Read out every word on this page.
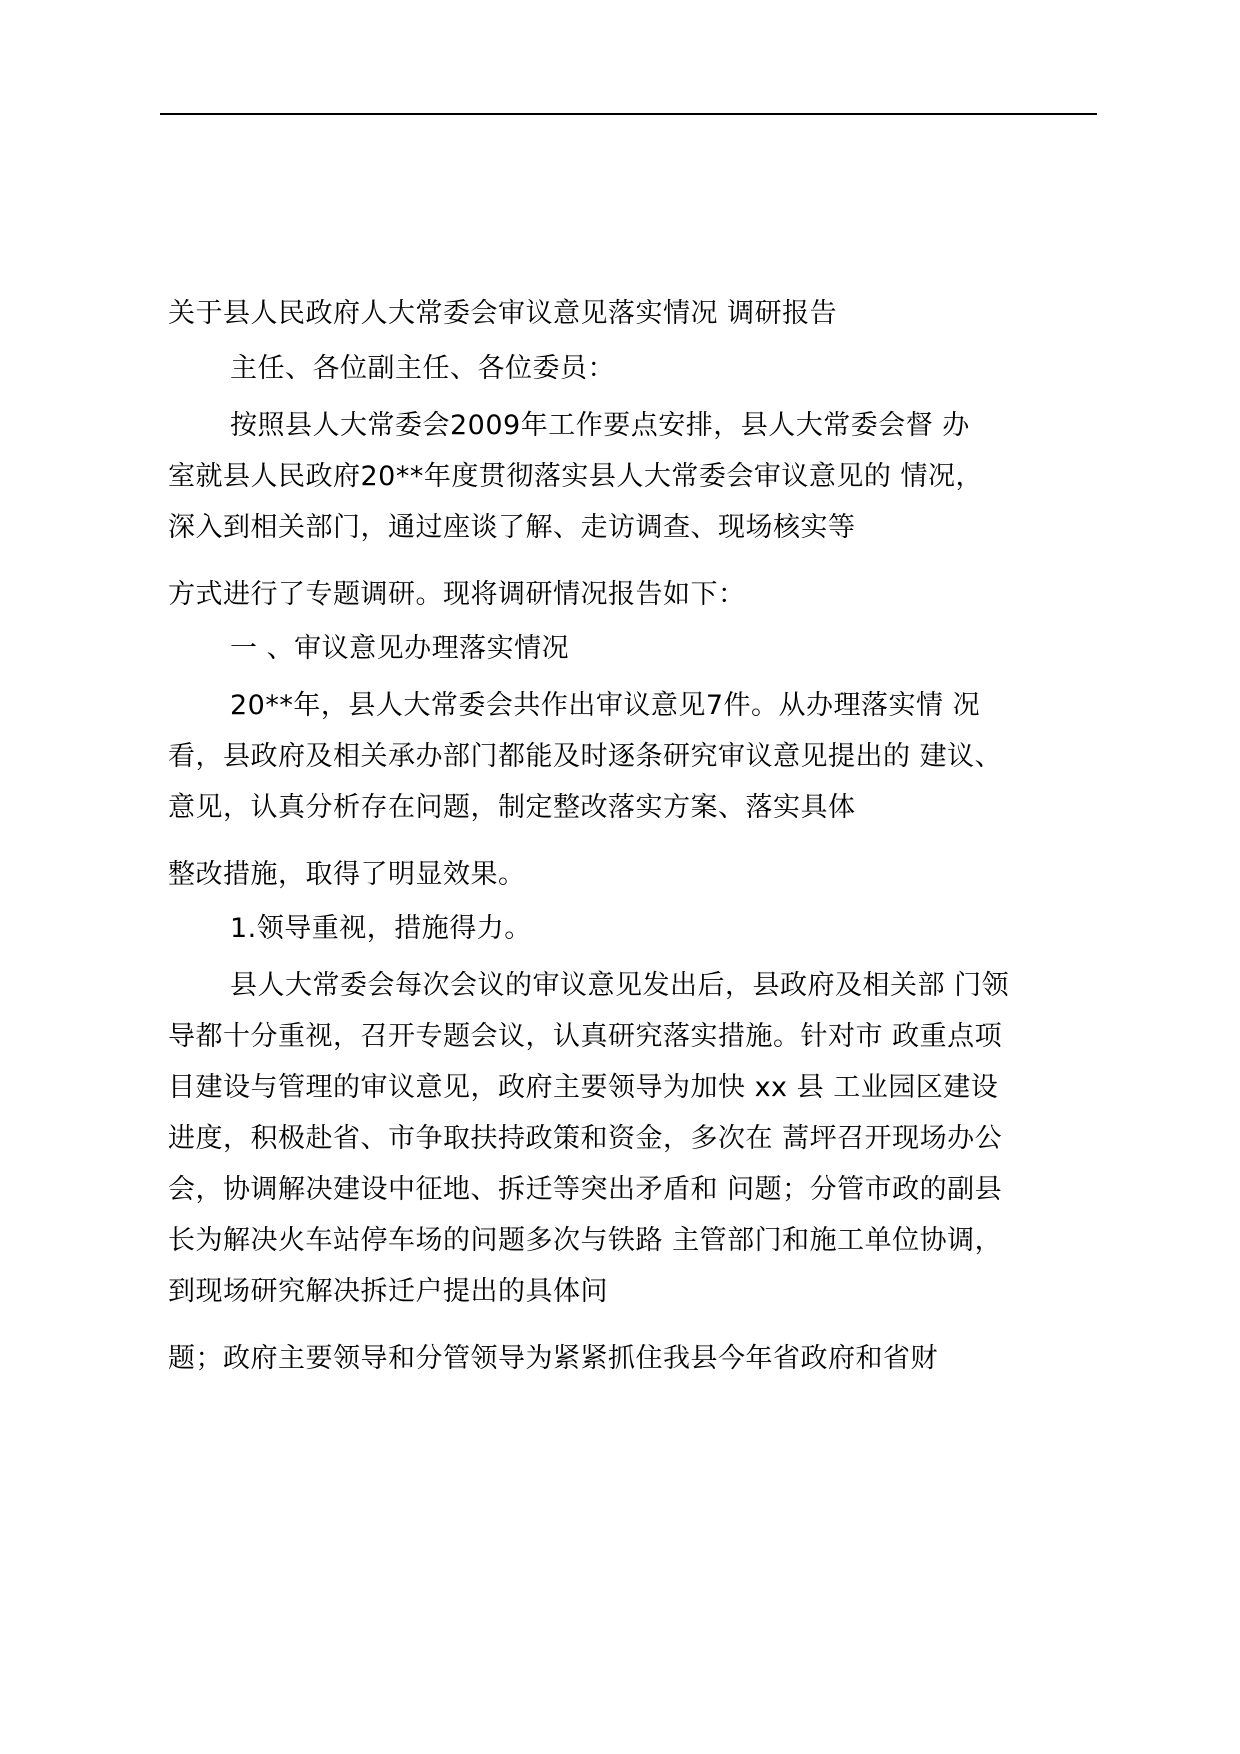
关于县人民政府人大常委会审议意见落实情况 调研报告
主任、各位副主任、各位委员：
按照县人大常委会2009年工作要点安排，县人大常委会督 办
室就县人民政府20**年度贯彻落实县人大常委会审议意见的 情况，
深入到相关部门，通过座谈了解、走访调查、现场核实等
方式进行了专题调研。现将调研情况报告如下：
一 、审议意见办理落实情况
20**年，县人大常委会共作出审议意见7件。从办理落实情 况
看，县政府及相关承办部门都能及时逐条研究审议意见提出的 建议、
意见，认真分析存在问题，制定整改落实方案、落实具体
整改措施，取得了明显效果。
1.领导重视，措施得力。
县人大常委会每次会议的审议意见发出后，县政府及相关部 门领
导都十分重视，召开专题会议，认真研究落实措施。针对市 政重点项
目建设与管理的审议意见，政府主要领导为加快 xx 县 工业园区建设
进度，积极赴省、市争取扶持政策和资金，多次在 蒿坪召开现场办公
会，协调解决建设中征地、拆迁等突出矛盾和 问题；分管市政的副县
长为解决火车站停车场的问题多次与铁路 主管部门和施工单位协调，
到现场研究解决拆迁户提出的具体问
题；政府主要领导和分管领导为紧紧抓住我县今年省政府和省财
